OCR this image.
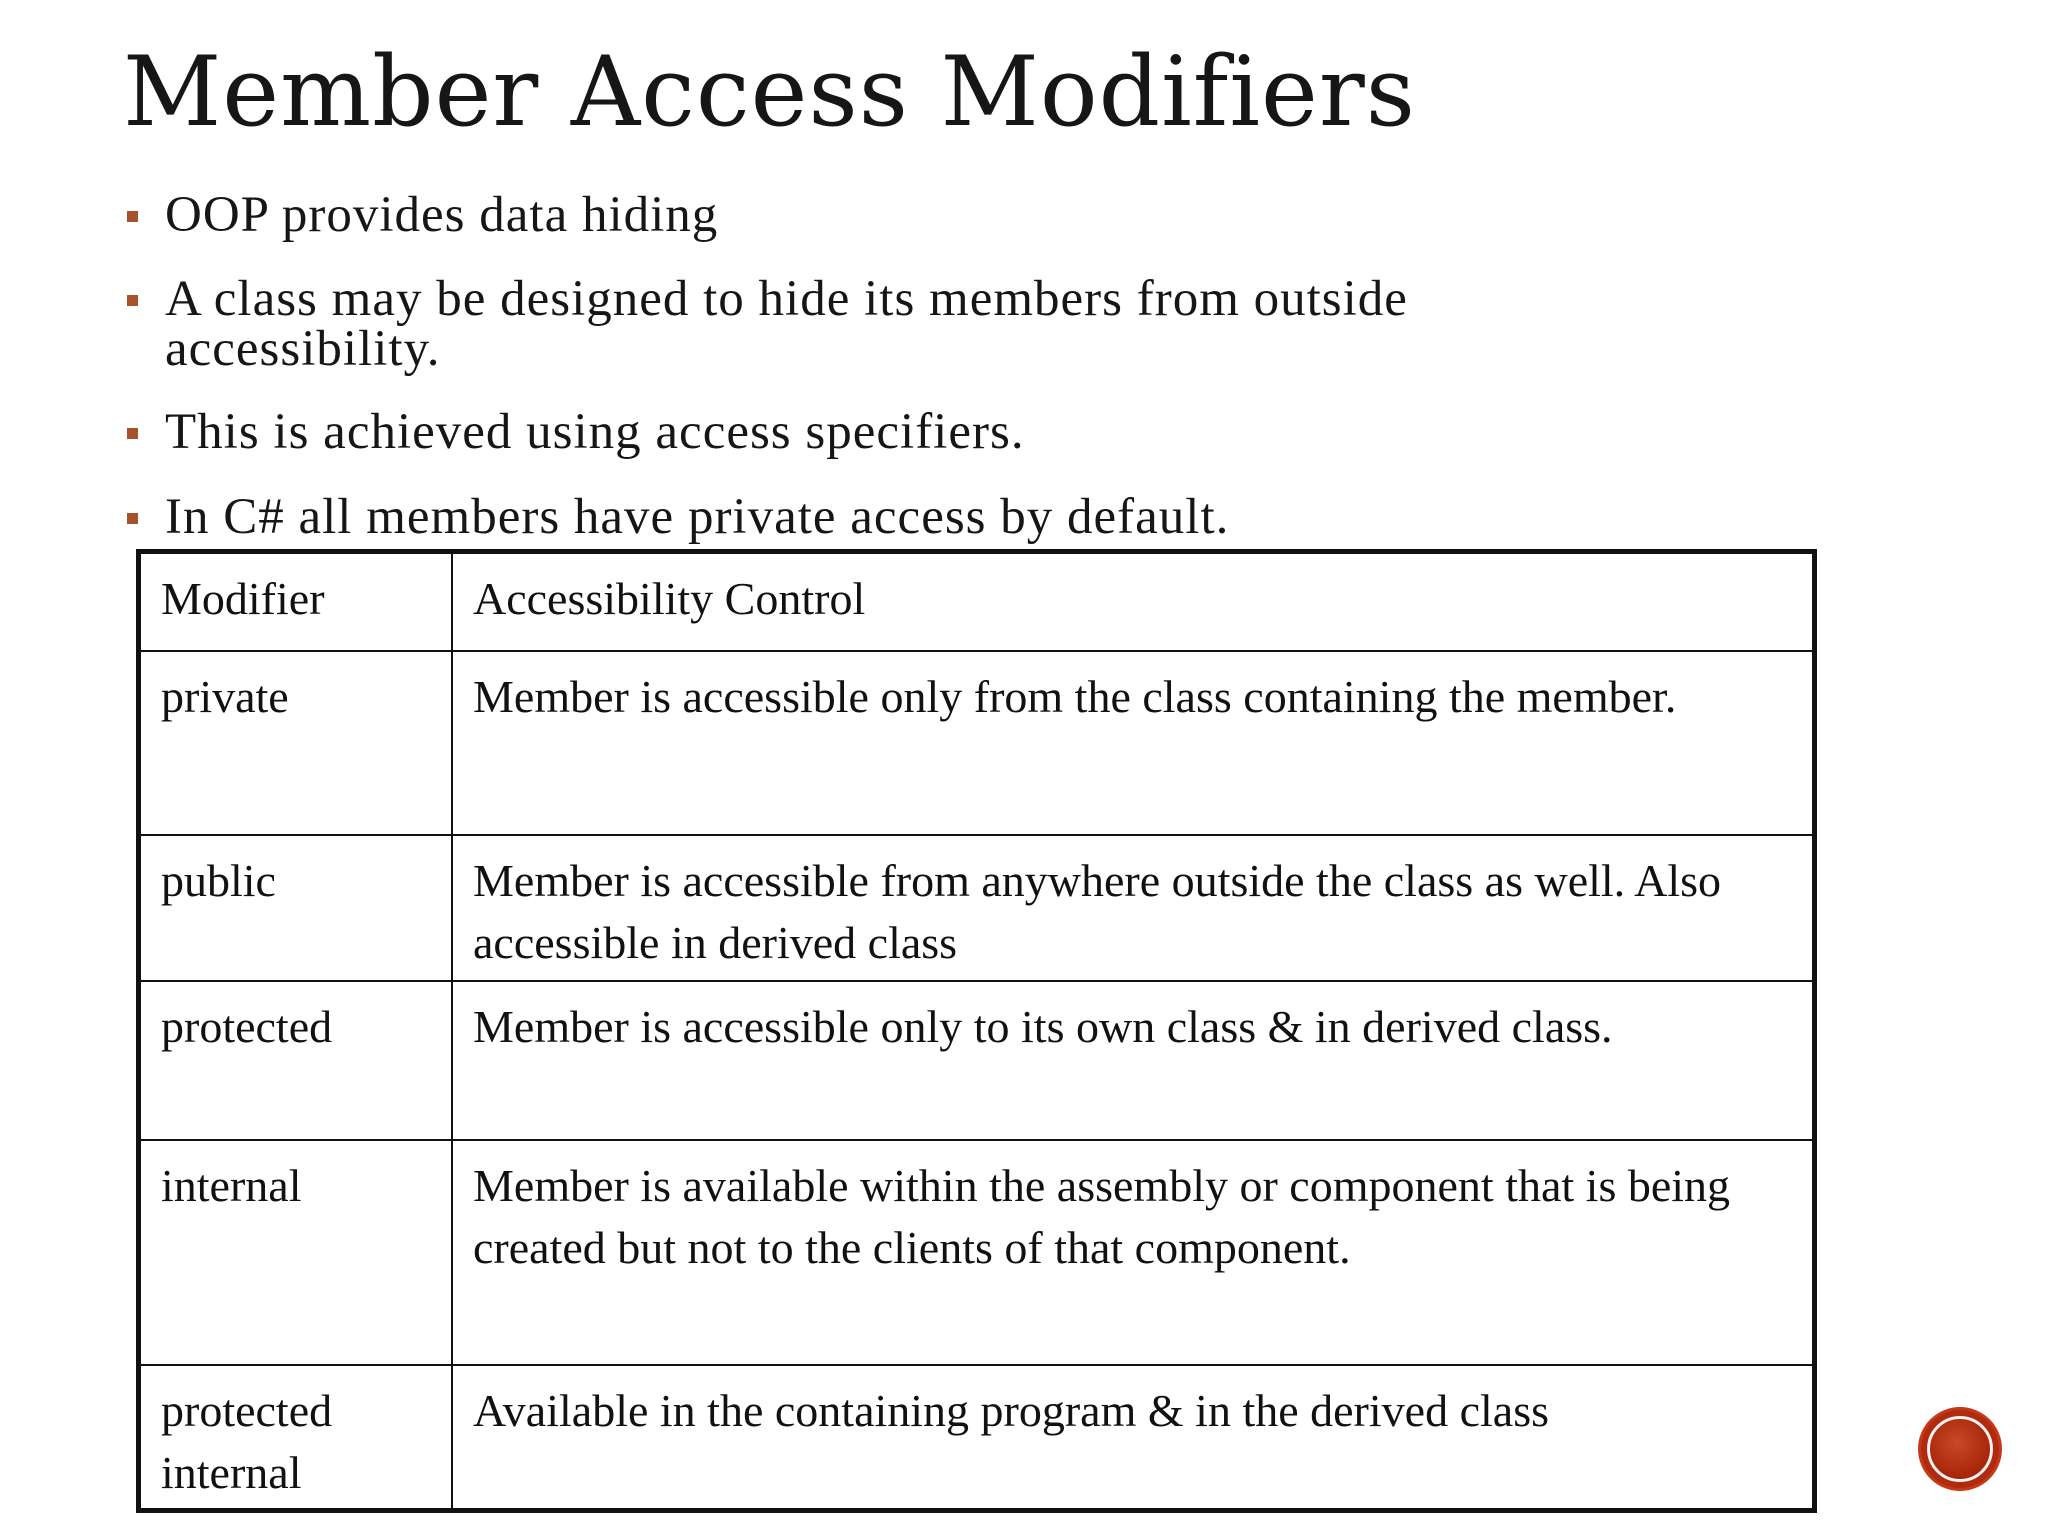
Member Access Modifiers
OOP provides data hiding
A class may be designed to hide its members from outside accessibility.
This is achieved using access specifiers.
In C# all members have private access by default.
Modifier	Accessibility Control
private	Member is accessible only from the class containing the member.
public	Member is accessible from anywhere outside the class as well. Also accessible in derived class
protected	Member is accessible only to its own class & in derived class.
internal	Member is available within the assembly or component that is being created but not to the clients of that component.
protected internal	Available in the containing program & in the derived class
